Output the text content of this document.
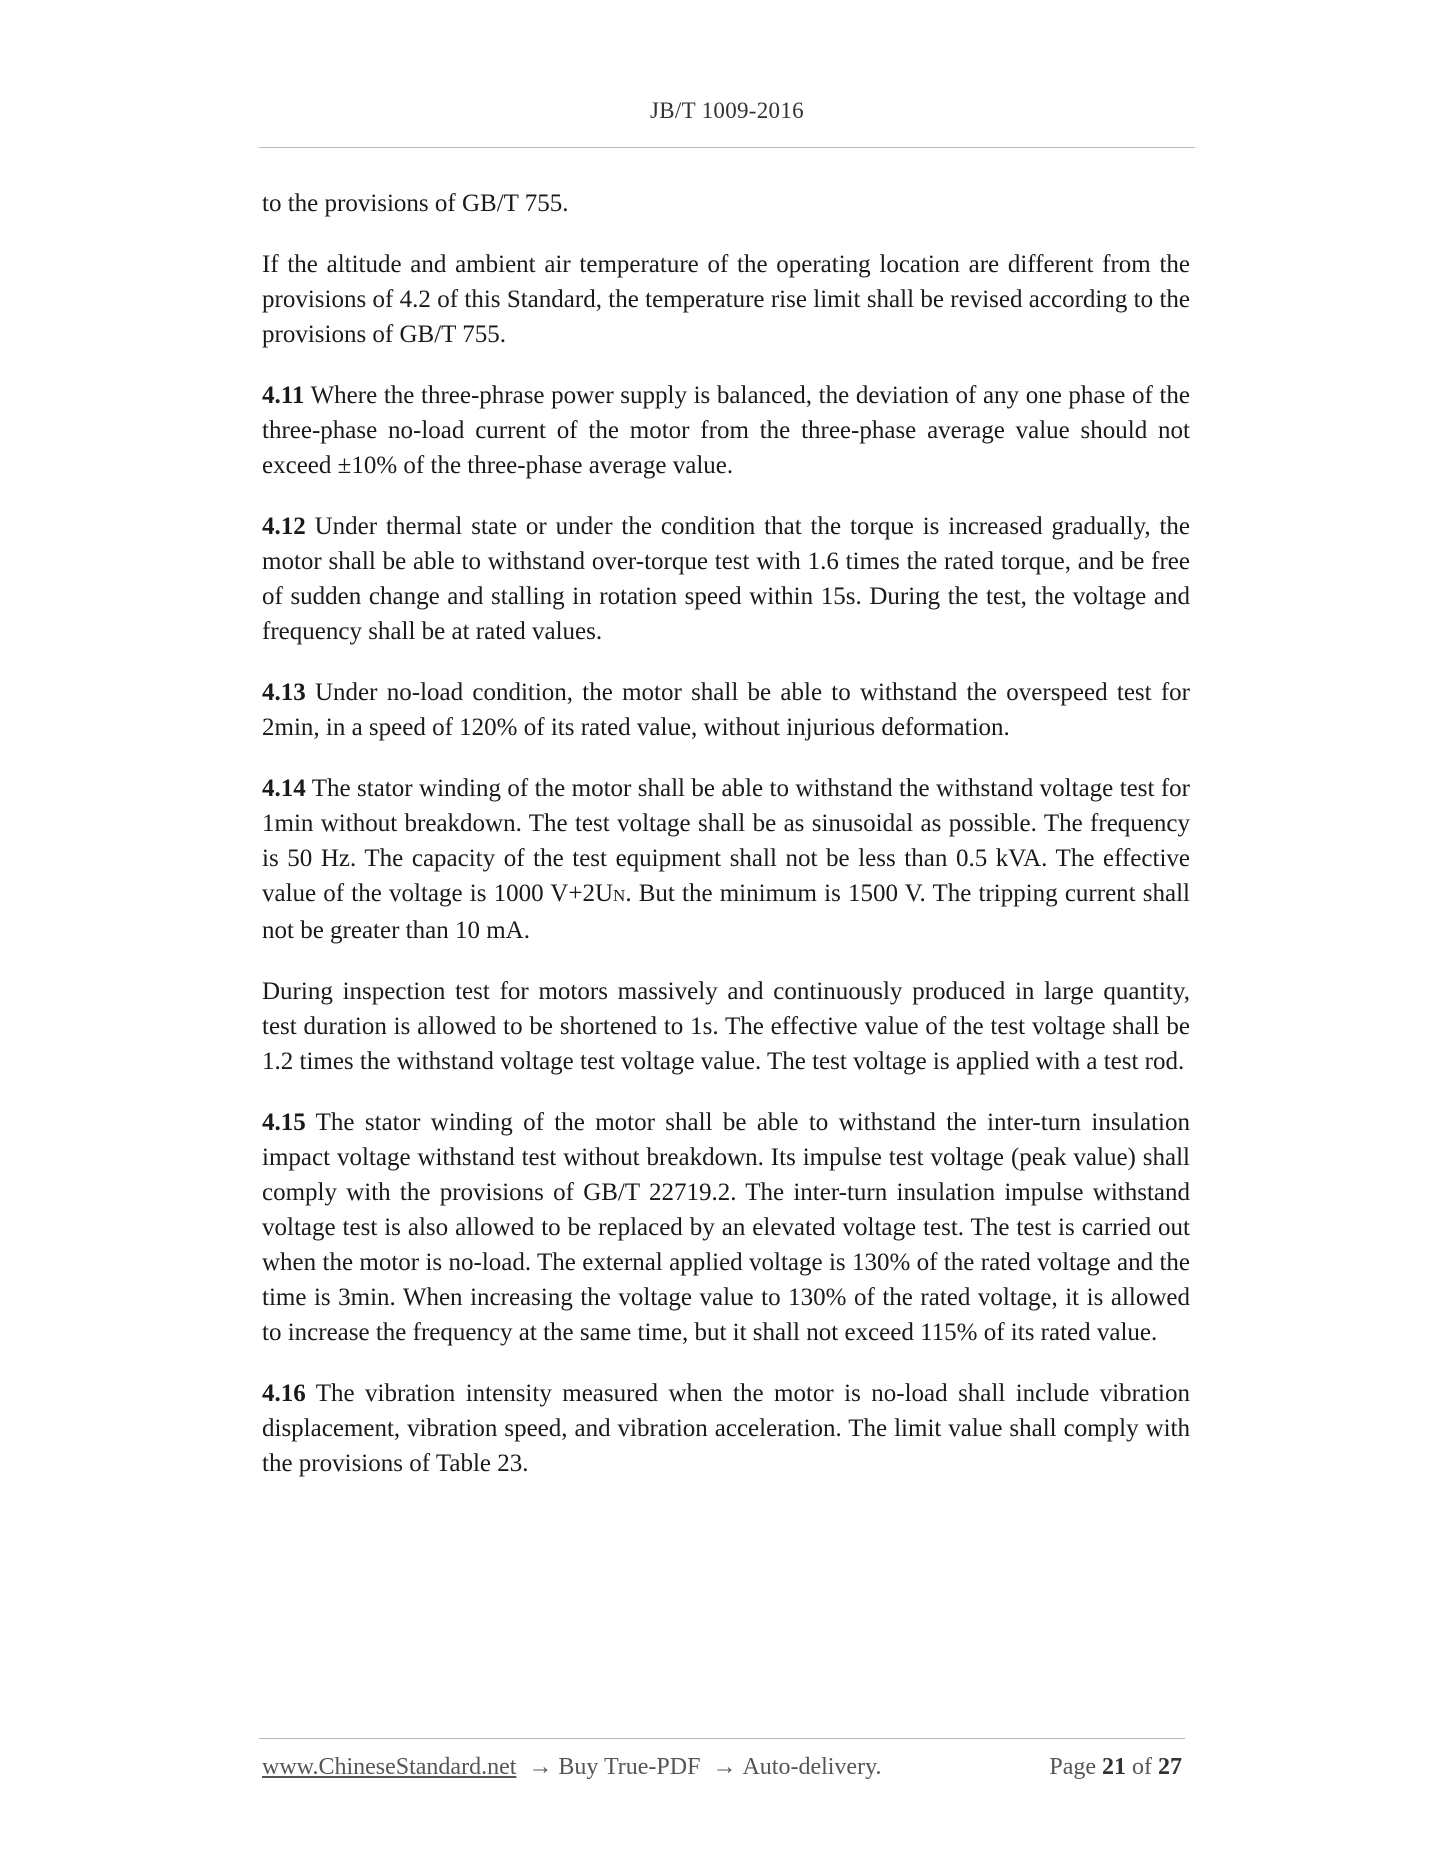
JB/T 1009-2016

to the provisions of GB/T 755.

If the altitude and ambient air temperature of the operating location are different from the provisions of 4.2 of this Standard, the temperature rise limit shall be revised according to the provisions of GB/T 755.

4.11 Where the three-phrase power supply is balanced, the deviation of any one phase of the three-phase no-load current of the motor from the three-phase average value should not exceed ±10% of the three-phase average value.

4.12 Under thermal state or under the condition that the torque is increased gradually, the motor shall be able to withstand over-torque test with 1.6 times the rated torque, and be free of sudden change and stalling in rotation speed within 15s. During the test, the voltage and frequency shall be at rated values.

4.13 Under no-load condition, the motor shall be able to withstand the overspeed test for 2min, in a speed of 120% of its rated value, without injurious deformation.

4.14 The stator winding of the motor shall be able to withstand the withstand voltage test for 1min without breakdown. The test voltage shall be as sinusoidal as possible. The frequency is 50 Hz. The capacity of the test equipment shall not be less than 0.5 kVA. The effective value of the voltage is 1000 V+2UN. But the minimum is 1500 V. The tripping current shall not be greater than 10 mA.

During inspection test for motors massively and continuously produced in large quantity, test duration is allowed to be shortened to 1s. The effective value of the test voltage shall be 1.2 times the withstand voltage test voltage value. The test voltage is applied with a test rod.

4.15 The stator winding of the motor shall be able to withstand the inter-turn insulation impact voltage withstand test without breakdown. Its impulse test voltage (peak value) shall comply with the provisions of GB/T 22719.2. The inter-turn insulation impulse withstand voltage test is also allowed to be replaced by an elevated voltage test. The test is carried out when the motor is no-load. The external applied voltage is 130% of the rated voltage and the time is 3min. When increasing the voltage value to 130% of the rated voltage, it is allowed to increase the frequency at the same time, but it shall not exceed 115% of its rated value.

4.16 The vibration intensity measured when the motor is no-load shall include vibration displacement, vibration speed, and vibration acceleration. The limit value shall comply with the provisions of Table 23.

www.ChineseStandard.net → Buy True-PDF → Auto-delivery.	Page 21 of 27
